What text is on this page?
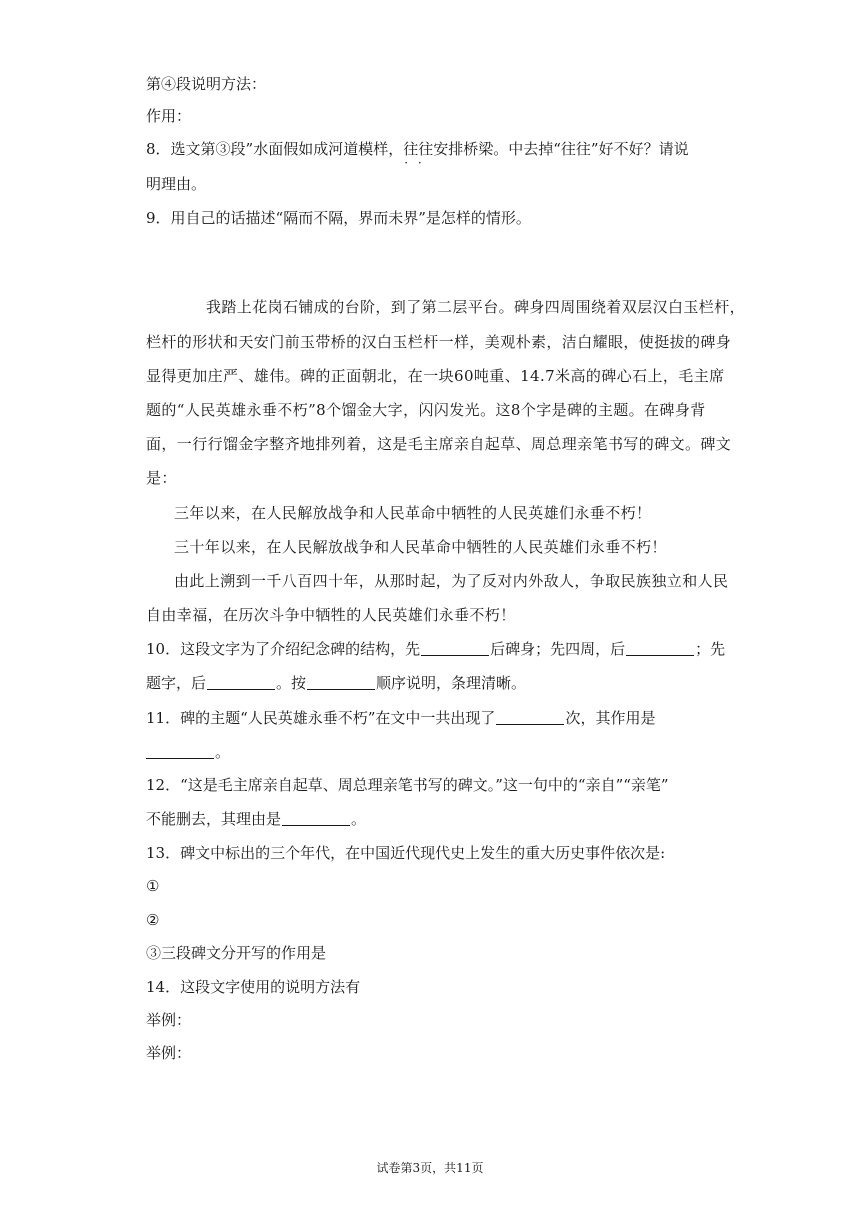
第④段说明方法：
作用：
8．选文第③段”水面假如成河道模样，往往 · ·安排桥梁。中去掉“往往”好不好？请说
明理由。
9．用自己的话描述“隔而不隔，界而未界”是怎样的情形。
我踏上花岗石铺成的台阶，到了第二层平台。碑身四周围绕着双层汉白玉栏杆，
栏杆的形状和天安门前玉带桥的汉白玉栏杆一样，美观朴素，洁白耀眼，使挺拔的碑身
显得更加庄严、雄伟。碑的正面朝北，在一块60吨重、14.7米高的碑心石上，毛主席
题的“人民英雄永垂不朽”8个馏金大字，闪闪发光。这8个字是碑的主题。在碑身背
面，一行行馏金字整齐地排列着，这是毛主席亲自起草、周总理亲笔书写的碑文。碑文
是：
三年以来，在人民解放战争和人民革命中牺牲的人民英雄们永垂不朽！
三十年以来，在人民解放战争和人民革命中牺牲的人民英雄们永垂不朽！
由此上溯到一千八百四十年，从那时起，为了反对内外敌人，争取民族独立和人民
自由幸福，在历次斗争中牺牲的人民英雄们永垂不朽！
10．这段文字为了介绍纪念碑的结构，先	后碑身；先四周，后	；先
题字，后	。按	顺序说明，条理清晰。
11．碑的主题“人民英雄永垂不朽”在文中一共出现了	次，其作用是
。
12．“这是毛主席亲自起草、周总理亲笔书写的碑文。”这一句中的“亲自”“亲笔”
不能删去，其理由是	。
13．碑文中标出的三个年代，在中国近代现代史上发生的重大历史事件依次是:
①
②
③三段碑文分开写的作用是
14．这段文字使用的说明方法有
举例：
举例：
试卷第3页，共11页
